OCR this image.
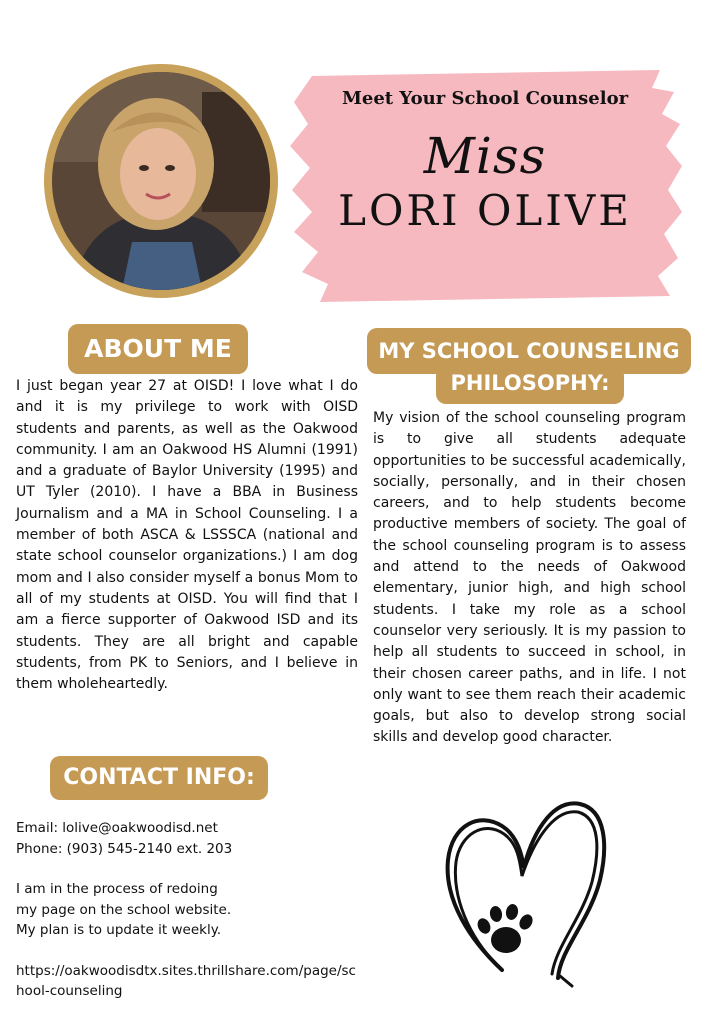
Meet Your School Counselor
Miss
LORI OLIVE
ABOUT ME
I just began year 27 at OISD! I love what I do and it is my privilege to work with OISD students and parents, as well as the Oakwood community. I am an Oakwood HS Alumni (1991) and a graduate of Baylor University (1995) and UT Tyler (2010). I have a BBA in Business Journalism and a MA in School Counseling. I a member of both ASCA & LSSSCA (national and state school counselor organizations.) I am dog mom and I also consider myself a bonus Mom to all of my students at OISD. You will find that I am a fierce supporter of Oakwood ISD and its students. They are all bright and capable students, from PK to Seniors, and I believe in them wholeheartedly.
MY SCHOOL COUNSELING
PHILOSOPHY:
My vision of the school counseling program is to give all students adequate opportunities to be successful academically, socially, personally, and in their chosen careers, and to help students become productive members of society. The goal of the school counseling program is to assess and attend to the needs of Oakwood elementary, junior high, and high school students. I take my role as a school counselor very seriously. It is my passion to help all students to succeed in school, in their chosen career paths, and in life. I not only want to see them reach their academic goals, but also to develop strong social skills and develop good character.
CONTACT INFO:
Email: lolive@oakwoodisd.net
Phone: (903) 545-2140 ext. 203
I am in the process of redoing
my page on the school website.
My plan is to update it weekly.
https://oakwoodisdtx.sites.thrillshare.com/page/school-counseling
